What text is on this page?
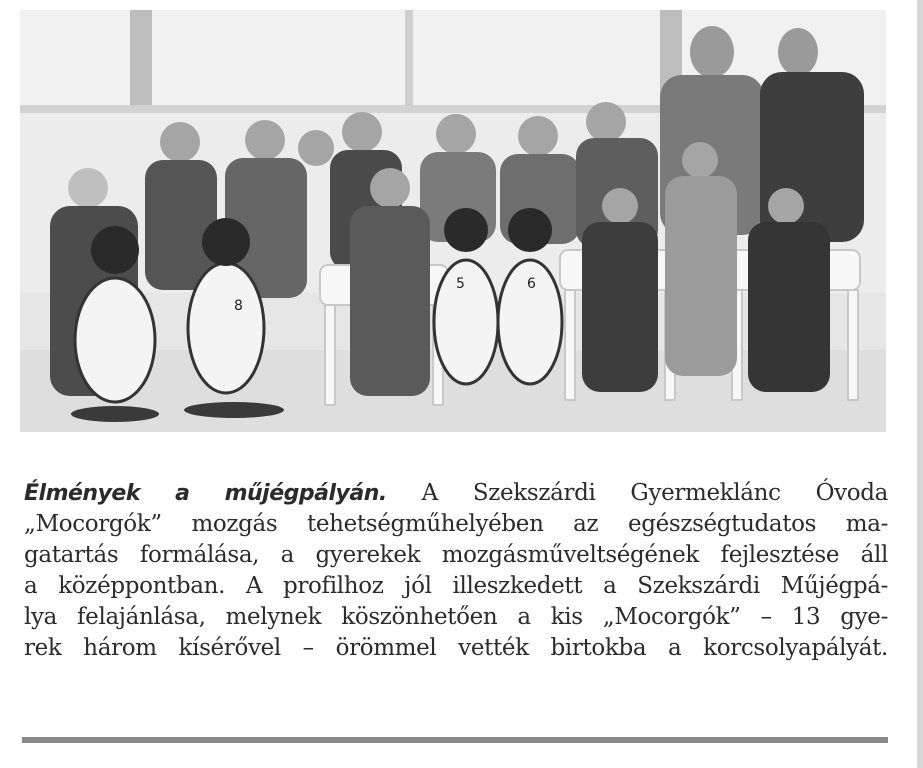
8
5	6
Élmények a műjégpályán. A Szekszárdi Gyermeklánc Óvoda
„Mocorgók” mozgás tehetségműhelyében az egészségtudatos ma-
gatartás formálása, a gyerekek mozgásműveltségének fejlesztése áll
a középpontban. A profilhoz jól illeszkedett a Szekszárdi Műjégpá-
lya felajánlása, melynek köszönhetően a kis „Mocorgók” – 13 gye-
rek három kísérővel – örömmel vették birtokba a korcsolyapályát.
